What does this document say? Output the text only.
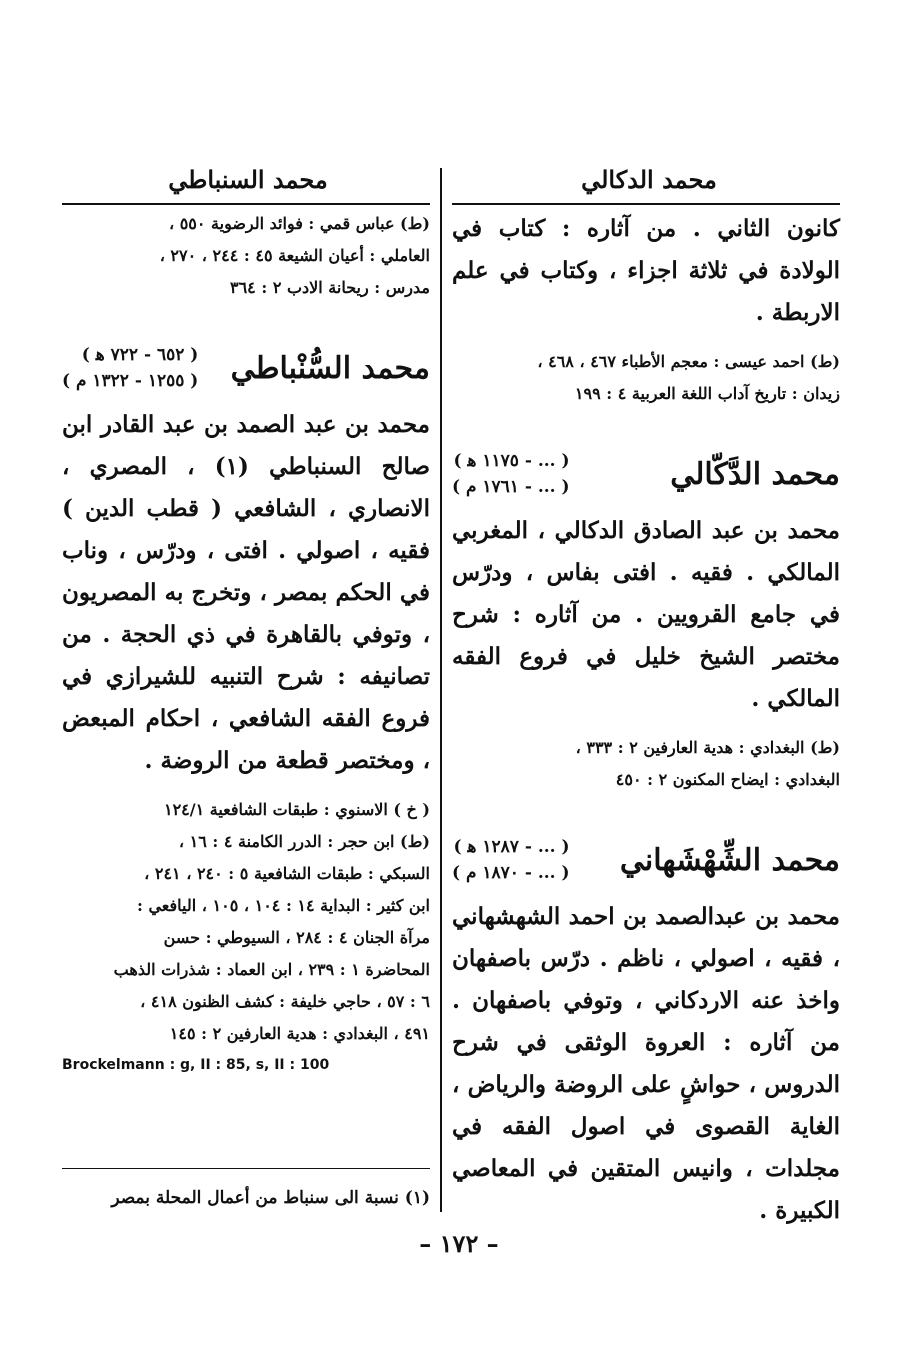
محمد الدكالي
محمد السنباطي

كانون الثاني . من آثاره : كتاب في الولادة في ثلاثة اجزاء ، وكتاب في علم الاربطة .

(ط) احمد عيسى : معجم الأطباء ٤٦٧ ، ٤٦٨ ،

زيدان : تاريخ آداب اللغة العربية ٤ : ١٩٩

محمد الدَّكّالي
( ... - ١١٧٥ ﻫ )
( ... - ١٧٦١ م )

محمد بن عبد الصادق الدكالي ، المغربي المالكي . فقيه . افتى بفاس ، ودرّس في جامع القرويين . من آثاره : شرح مختصر الشيخ خليل في فروع الفقه المالكي .

(ط) البغدادي : هدية العارفين ٢ : ٣٣٣ ،

البغدادي : ايضاح المكنون ٢ : ٤٥٠

محمد الشِّهْشَهاني
( ... - ١٢٨٧ ﻫ )
( ... - ١٨٧٠ م )

محمد بن عبدالصمد بن احمد الشهشهاني ، فقيه ، اصولي ، ناظم . درّس باصفهان واخذ عنه الاردكاني ، وتوفي باصفهان . من آثاره : العروة الوثقى في شرح الدروس ، حواشٍ على الروضة والرياض ، الغاية القصوى في اصول الفقه في مجلدات ، وانيس المتقين في المعاصي الكبيرة .

(ط) عباس قمي : فوائد الرضوية ٥٥٠ ،

العاملي : أعيان الشيعة ٤٥ : ٢٤٤ ، ٢٧٠ ،

مدرس : ريحانة الادب ٢ : ٣٦٤

محمد السُّنْباطي
( ٦٥٢ - ٧٢٢ ﻫ )
( ١٢٥٥ - ١٣٢٢ م )

محمد بن عبد الصمد بن عبد القادر ابن صالح السنباطي (١) ، المصري ، الانصاري ، الشافعي ( قطب الدين ) فقيه ، اصولي . افتى ، ودرّس ، وناب في الحكم بمصر ، وتخرج به المصريون ، وتوفي بالقاهرة في ذي الحجة . من تصانيفه : شرح التنبيه للشيرازي في فروع الفقه الشافعي ، احكام المبعض ، ومختصر قطعة من الروضة .

( خ ) الاسنوي : طبقات الشافعية ١٢٤/١

(ط) ابن حجر : الدرر الكامنة ٤ : ١٦ ،

السبكي : طبقات الشافعية ٥ : ٢٤٠ ، ٢٤١ ،

ابن كثير : البداية ١٤ : ١٠٤ ، ١٠٥ ، اليافعي :

مرآة الجنان ٤ : ٢٨٤ ، السيوطي : حسن

المحاضرة ١ : ٢٣٩ ، ابن العماد : شذرات الذهب

٦ : ٥٧ ، حاجي خليفة : كشف الظنون ٤١٨ ،

٤٩١ ، البغدادي : هدية العارفين ٢ : ١٤٥

Brockelmann : g, II : 85, s, II : 100

(١) نسبة الى سنباط من أعمال المحلة بمصر
– ١٧٢ –
